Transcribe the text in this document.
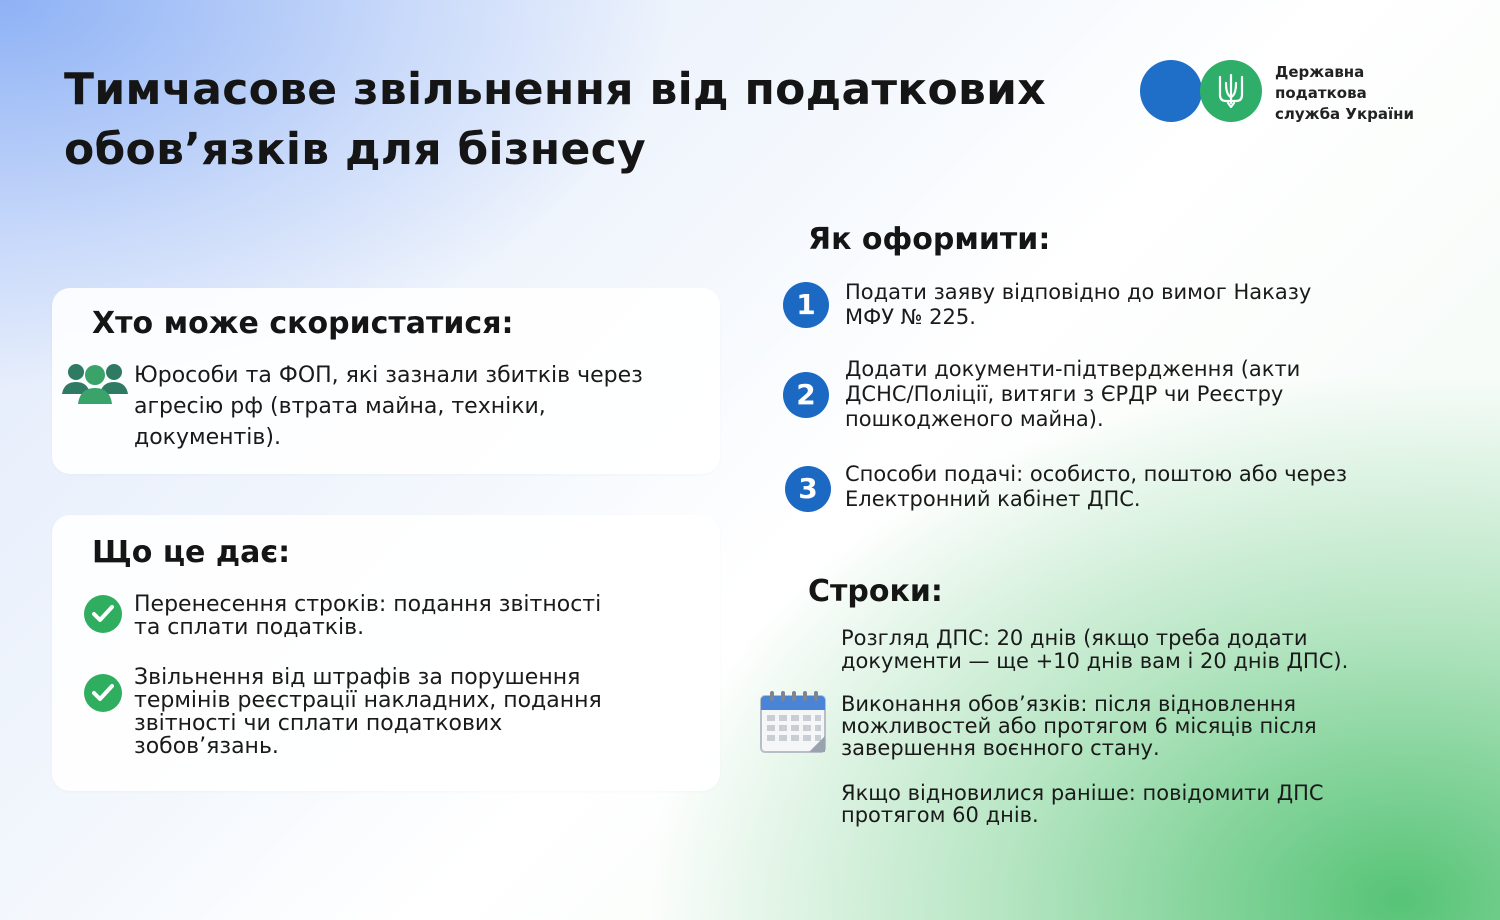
Тимчасове звільнення від податкових
обов’язків для бізнесу
Державна
податкова
служба України
Хто може скористатися:
Юрособи та ФОП, які зазнали збитків через
агресію рф (втрата майна, техніки,
документів).
Що це дає:
Перенесення строків: подання звітності
та сплати податків.
Звільнення від штрафів за порушення
термінів реєстрації накладних, подання
звітності чи сплати податкових
зобов’язань.
Як оформити:
1	Подати заяву відповідно до вимог Наказу
МФУ № 225.
2
Додати документи-підтвердження (акти
ДСНС/Поліції, витяги з ЄРДР чи Реєстру
пошкодженого майна).
3	Способи подачі: особисто, поштою або через
Електронний кабінет ДПС.
Строки:
Розгляд ДПС: 20 днів (якщо треба додати
документи — ще +10 днів вам і 20 днів ДПС).
Виконання обов’язків: після відновлення
можливостей або протягом 6 місяців після
завершення воєнного стану.
Якщо відновилися раніше: повідомити ДПС
протягом 60 днів.
